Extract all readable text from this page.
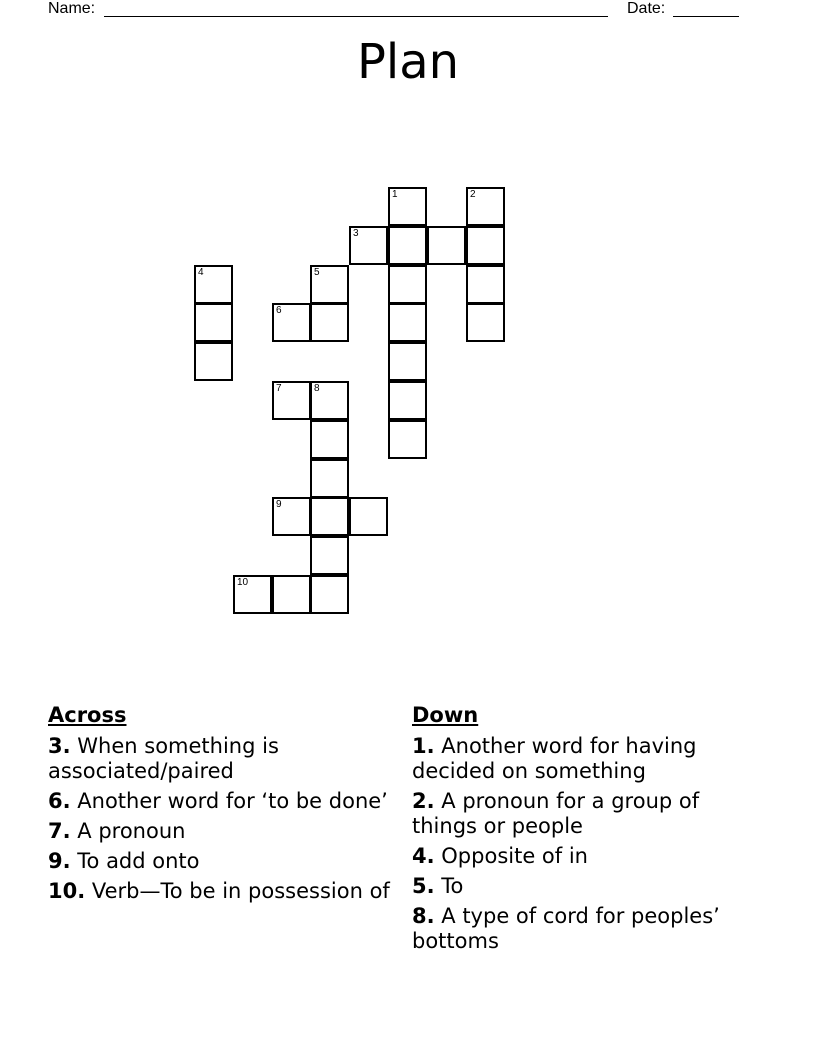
Name:	Date:
Plan
1	2
3
4	5
6
7	8
9
10
Across
3. When something is associated/paired
6. Another word for ‘to be done’
7. A pronoun
9. To add onto
10. Verb—To be in possession of
Down
1. Another word for having decided on something
2. A pronoun for a group of things or people
4. Opposite of in
5. To
8. A type of cord for peoples’ bottoms
